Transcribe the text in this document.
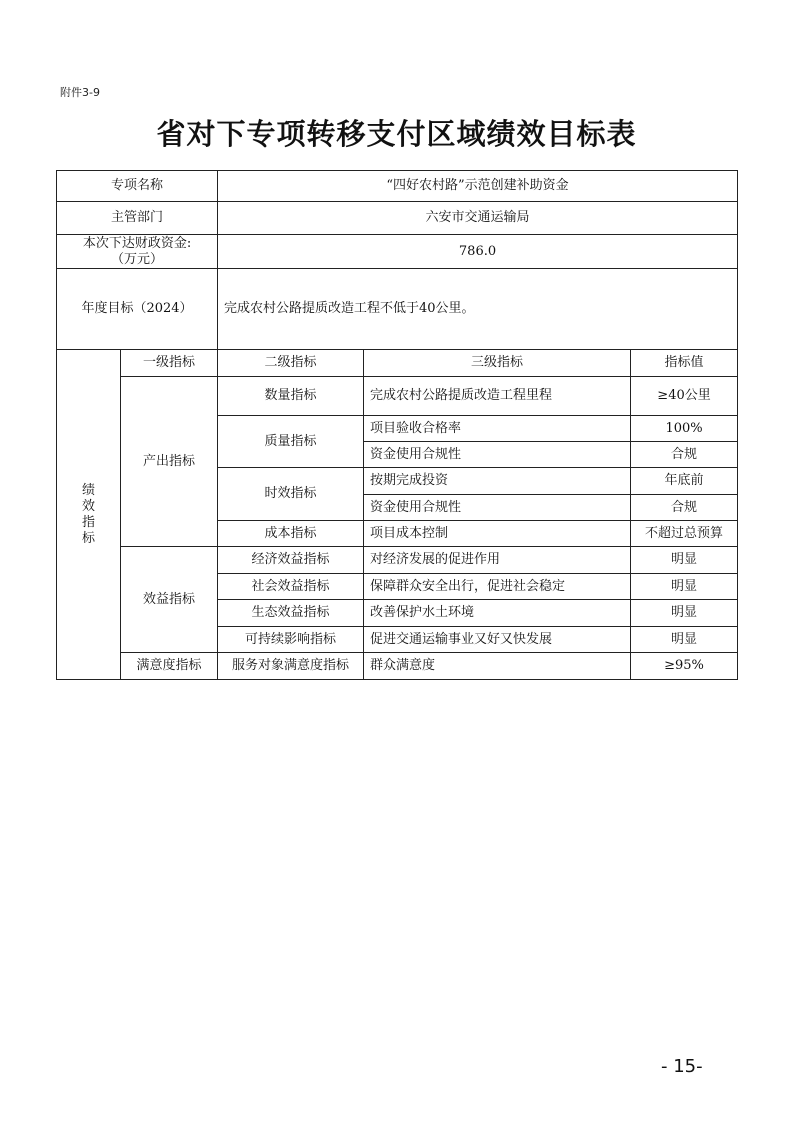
附件3-9
省对下专项转移支付区域绩效目标表
专项名称		“四好农村路”示范创建补助资金		
主管部门		六安市交通运输局		
本次下达财政资金:
（万元）		786.0		
年度目标（2024）		完成农村公路提质改造工程不低于40公里。		
绩
效
指
标	一级指标	二级指标	三级指标	指标值
	产出指标	数量指标	完成农村公路提质改造工程里程	≥40公里
		质量指标	项目验收合格率	100%
			资金使用合规性	合规
		时效指标	按期完成投资	年底前
			资金使用合规性	合规
		成本指标	项目成本控制	不超过总预算
	效益指标	经济效益指标	对经济发展的促进作用	明显
		社会效益指标	保障群众安全出行，促进社会稳定	明显
		生态效益指标	改善保护水土环境	明显
		可持续影响指标	促进交通运输事业又好又快发展	明显
	满意度指标	服务对象满意度指标	群众满意度	≥95%
- 15-
